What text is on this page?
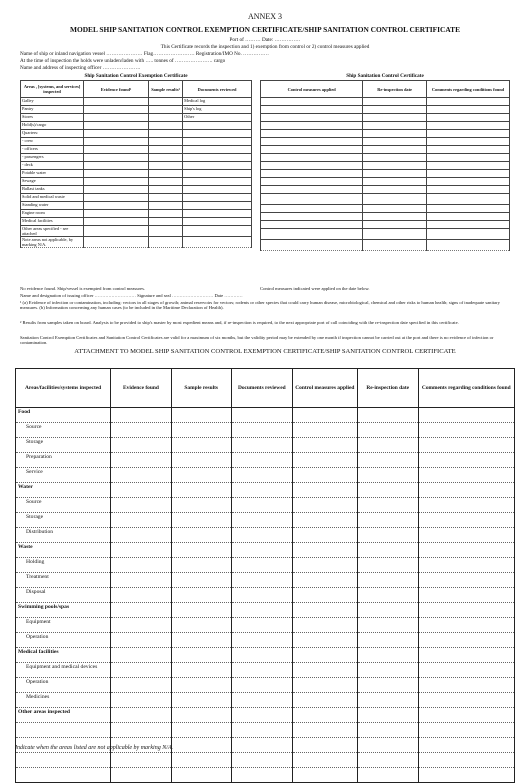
ANNEX 3
MODEL SHIP SANITATION CONTROL EXEMPTION CERTIFICATE/SHIP SANITATION CONTROL CERTIFICATE
Port of ……… Date: ……………
This Certificate records the inspection and 1) exemption from control or 2) control measures applied
Name of ship or inland navigation vessel ………………… Flag…………………… Registration/IMO No. ……………
At the time of inspection the holds were unladen/laden with ….. tonnes of …………………. cargo
Name and address of inspecting officer ………………….
Ship Sanitation Control Exemption Certificate	Ship Sanitation Control Certificate
Areas , [systems, and services] inspected	Evidence found¹	Sample results²	Documents reviewed
Galley			Medical log
Pantry			Ship's log
Stores			Other
Hold(s)/cargo			
Quarters:			
- crew			
- officers			
- passengers			
- deck			
Potable water			
Sewage			
Ballast tanks			
Solid and medical waste			
Standing water			
Engine room			
Medical facilities			
Other areas specified - see attached			
Note areas not applicable, by marking N/A.			
Control measures applied	Re-inspection date	Comments regarding conditions found

No evidence found. Ship/vessel is exempted from control measures.	Control measures indicated were applied on the date below.
Name and designation of issuing officer ……………………… Signature and seal ……………………… Date …………
¹ (a) Evidence of infection or contamination, including: vectors in all stages of growth; animal reservoirs for vectors; rodents or other species that could carry human disease, microbiological, chemical and other risks to human health; signs of inadequate sanitary measures. (b) Information concerning any human cases (to be included in the Maritime Declaration of Health).
² Results from samples taken on board. Analysis to be provided to ship's master by most expedient means and, if re-inspection is required, to the next appropriate port of call coinciding with the re-inspection date specified in this certificate.
Sanitation Control Exemption Certificates and Sanitation Control Certificates are valid for a maximum of six months, but the validity period may be extended by one month if inspection cannot be carried out at the port and there is no evidence of infection or contamination.
ATTACHMENT TO MODEL SHIP SANITATION CONTROL EXEMPTION CERTIFICATE/SHIP SANITATION CONTROL CERTIFICATE
Areas/facilities/systems inspected	Evidence found	Sample results	Documents reviewed	Control measures applied	Re-inspection date	Comments regarding conditions found
Food						
Source						
Storage						
Preparation						
Service						
Water						
Source						
Storage						
Distribution						
Waste						
Holding						
Treatment						
Disposal						
Swimming pools/spas						
Equipment						
Operation						
Medical facilities						
Equipment and medical devices						
Operation						
Medicines						
Other areas inspected						

Indicate when the areas listed are not applicable by marking N/A.
